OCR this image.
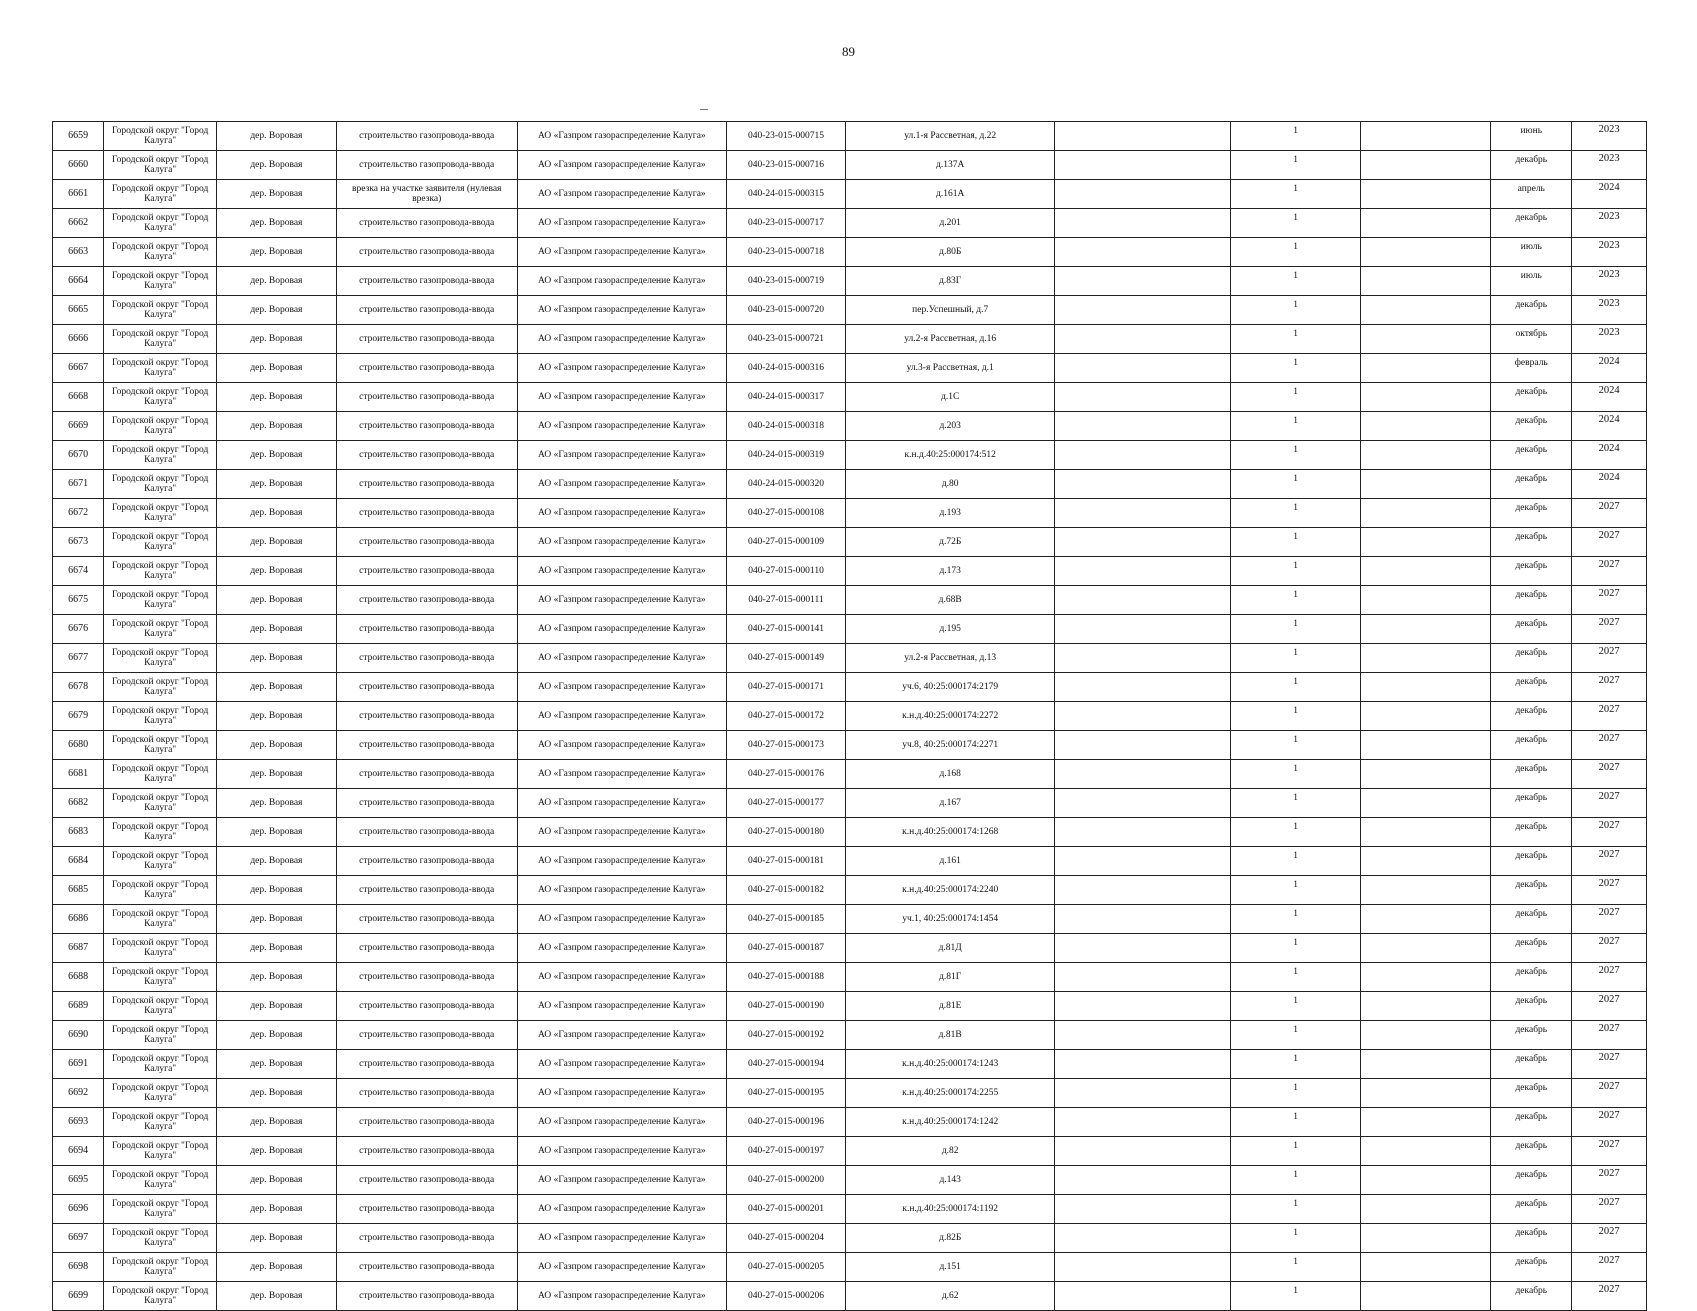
89
6659	Городской округ "Город Калуга"	дер. Воровая	строительство газопровода-ввода	АО «Газпром газораспределение Калуга»	040-23-015-000715	ул.1-я Рассветная, д.22		1		июнь	2023
6660	Городской округ "Город Калуга"	дер. Воровая	строительство газопровода-ввода	АО «Газпром газораспределение Калуга»	040-23-015-000716	д.137А		1		декабрь	2023
6661	Городской округ "Город Калуга"	дер. Воровая	врезка на участке заявителя (нулевая врезка)	АО «Газпром газораспределение Калуга»	040-24-015-000315	д.161А		1		апрель	2024
6662	Городской округ "Город Калуга"	дер. Воровая	строительство газопровода-ввода	АО «Газпром газораспределение Калуга»	040-23-015-000717	д.201		1		декабрь	2023
6663	Городской округ "Город Калуга"	дер. Воровая	строительство газопровода-ввода	АО «Газпром газораспределение Калуга»	040-23-015-000718	д.80Б		1		июль	2023
6664	Городской округ "Город Калуга"	дер. Воровая	строительство газопровода-ввода	АО «Газпром газораспределение Калуга»	040-23-015-000719	д.83Г		1		июль	2023
6665	Городской округ "Город Калуга"	дер. Воровая	строительство газопровода-ввода	АО «Газпром газораспределение Калуга»	040-23-015-000720	пер.Успешный, д.7		1		декабрь	2023
6666	Городской округ "Город Калуга"	дер. Воровая	строительство газопровода-ввода	АО «Газпром газораспределение Калуга»	040-23-015-000721	ул.2-я Рассветная, д.16		1		октябрь	2023
6667	Городской округ "Город Калуга"	дер. Воровая	строительство газопровода-ввода	АО «Газпром газораспределение Калуга»	040-24-015-000316	ул.3-я Рассветная, д.1		1		февраль	2024
6668	Городской округ "Город Калуга"	дер. Воровая	строительство газопровода-ввода	АО «Газпром газораспределение Калуга»	040-24-015-000317	д.1С		1		декабрь	2024
6669	Городской округ "Город Калуга"	дер. Воровая	строительство газопровода-ввода	АО «Газпром газораспределение Калуга»	040-24-015-000318	д.203		1		декабрь	2024
6670	Городской округ "Город Калуга"	дер. Воровая	строительство газопровода-ввода	АО «Газпром газораспределение Калуга»	040-24-015-000319	к.н.д.40:25:000174:512		1		декабрь	2024
6671	Городской округ "Город Калуга"	дер. Воровая	строительство газопровода-ввода	АО «Газпром газораспределение Калуга»	040-24-015-000320	д.80		1		декабрь	2024
6672	Городской округ "Город Калуга"	дер. Воровая	строительство газопровода-ввода	АО «Газпром газораспределение Калуга»	040-27-015-000108	д.193		1		декабрь	2027
6673	Городской округ "Город Калуга"	дер. Воровая	строительство газопровода-ввода	АО «Газпром газораспределение Калуга»	040-27-015-000109	д.72Б		1		декабрь	2027
6674	Городской округ "Город Калуга"	дер. Воровая	строительство газопровода-ввода	АО «Газпром газораспределение Калуга»	040-27-015-000110	д.173		1		декабрь	2027
6675	Городской округ "Город Калуга"	дер. Воровая	строительство газопровода-ввода	АО «Газпром газораспределение Калуга»	040-27-015-000111	д.68В		1		декабрь	2027
6676	Городской округ "Город Калуга"	дер. Воровая	строительство газопровода-ввода	АО «Газпром газораспределение Калуга»	040-27-015-000141	д.195		1		декабрь	2027
6677	Городской округ "Город Калуга"	дер. Воровая	строительство газопровода-ввода	АО «Газпром газораспределение Калуга»	040-27-015-000149	ул.2-я Рассветная, д.13		1		декабрь	2027
6678	Городской округ "Город Калуга"	дер. Воровая	строительство газопровода-ввода	АО «Газпром газораспределение Калуга»	040-27-015-000171	уч.6, 40:25:000174:2179		1		декабрь	2027
6679	Городской округ "Город Калуга"	дер. Воровая	строительство газопровода-ввода	АО «Газпром газораспределение Калуга»	040-27-015-000172	к.н.д.40:25:000174:2272		1		декабрь	2027
6680	Городской округ "Город Калуга"	дер. Воровая	строительство газопровода-ввода	АО «Газпром газораспределение Калуга»	040-27-015-000173	уч.8, 40:25:000174:2271		1		декабрь	2027
6681	Городской округ "Город Калуга"	дер. Воровая	строительство газопровода-ввода	АО «Газпром газораспределение Калуга»	040-27-015-000176	д.168		1		декабрь	2027
6682	Городской округ "Город Калуга"	дер. Воровая	строительство газопровода-ввода	АО «Газпром газораспределение Калуга»	040-27-015-000177	д.167		1		декабрь	2027
6683	Городской округ "Город Калуга"	дер. Воровая	строительство газопровода-ввода	АО «Газпром газораспределение Калуга»	040-27-015-000180	к.н.д.40:25:000174:1268		1		декабрь	2027
6684	Городской округ "Город Калуга"	дер. Воровая	строительство газопровода-ввода	АО «Газпром газораспределение Калуга»	040-27-015-000181	д.161		1		декабрь	2027
6685	Городской округ "Город Калуга"	дер. Воровая	строительство газопровода-ввода	АО «Газпром газораспределение Калуга»	040-27-015-000182	к.н.д.40:25:000174:2240		1		декабрь	2027
6686	Городской округ "Город Калуга"	дер. Воровая	строительство газопровода-ввода	АО «Газпром газораспределение Калуга»	040-27-015-000185	уч.1, 40:25:000174:1454		1		декабрь	2027
6687	Городской округ "Город Калуга"	дер. Воровая	строительство газопровода-ввода	АО «Газпром газораспределение Калуга»	040-27-015-000187	д.81Д		1		декабрь	2027
6688	Городской округ "Город Калуга"	дер. Воровая	строительство газопровода-ввода	АО «Газпром газораспределение Калуга»	040-27-015-000188	д.81Г		1		декабрь	2027
6689	Городской округ "Город Калуга"	дер. Воровая	строительство газопровода-ввода	АО «Газпром газораспределение Калуга»	040-27-015-000190	д.81Е		1		декабрь	2027
6690	Городской округ "Город Калуга"	дер. Воровая	строительство газопровода-ввода	АО «Газпром газораспределение Калуга»	040-27-015-000192	д.81В		1		декабрь	2027
6691	Городской округ "Город Калуга"	дер. Воровая	строительство газопровода-ввода	АО «Газпром газораспределение Калуга»	040-27-015-000194	к.н.д.40:25:000174:1243		1		декабрь	2027
6692	Городской округ "Город Калуга"	дер. Воровая	строительство газопровода-ввода	АО «Газпром газораспределение Калуга»	040-27-015-000195	к.н.д.40:25:000174:2255		1		декабрь	2027
6693	Городской округ "Город Калуга"	дер. Воровая	строительство газопровода-ввода	АО «Газпром газораспределение Калуга»	040-27-015-000196	к.н.д.40:25:000174:1242		1		декабрь	2027
6694	Городской округ "Город Калуга"	дер. Воровая	строительство газопровода-ввода	АО «Газпром газораспределение Калуга»	040-27-015-000197	д.82		1		декабрь	2027
6695	Городской округ "Город Калуга"	дер. Воровая	строительство газопровода-ввода	АО «Газпром газораспределение Калуга»	040-27-015-000200	д.143		1		декабрь	2027
6696	Городской округ "Город Калуга"	дер. Воровая	строительство газопровода-ввода	АО «Газпром газораспределение Калуга»	040-27-015-000201	к.н.д.40:25:000174:1192		1		декабрь	2027
6697	Городской округ "Город Калуга"	дер. Воровая	строительство газопровода-ввода	АО «Газпром газораспределение Калуга»	040-27-015-000204	д.82Б		1		декабрь	2027
6698	Городской округ "Город Калуга"	дер. Воровая	строительство газопровода-ввода	АО «Газпром газораспределение Калуга»	040-27-015-000205	д.151		1		декабрь	2027
6699	Городской округ "Город Калуга"	дер. Воровая	строительство газопровода-ввода	АО «Газпром газораспределение Калуга»	040-27-015-000206	д.62		1		декабрь	2027
